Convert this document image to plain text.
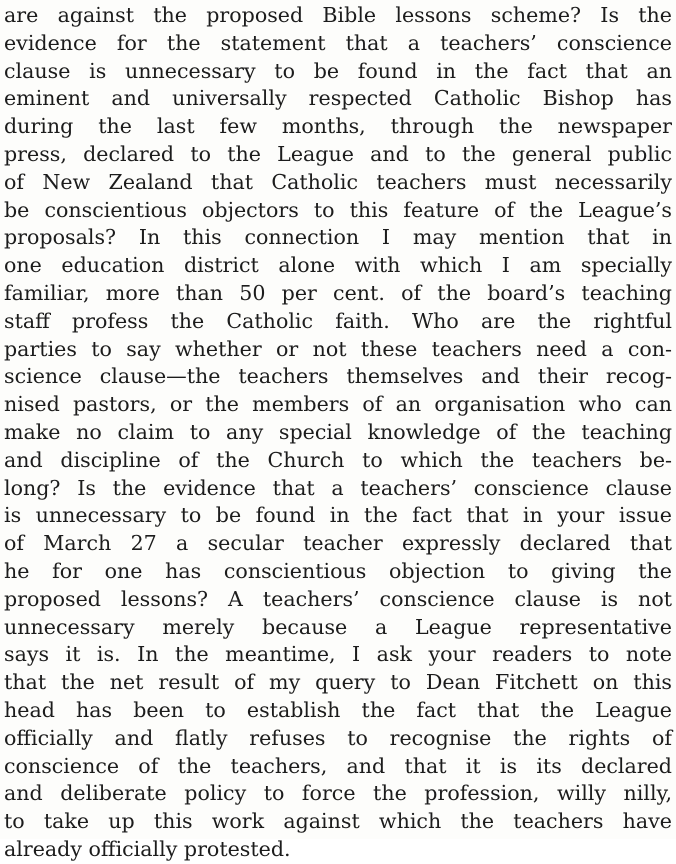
are against the proposed Bible lessons scheme? Is the
evidence for the statement that a teachers’ conscience
clause is unnecessary to be found in the fact that an
eminent and universally respected Catholic Bishop has
during the last few months, through the newspaper
press, declared to the League and to the general public
of New Zealand that Catholic teachers must necessarily
be conscientious objectors to this feature of the League’s
proposals? In this connection I may mention that in
one education district alone with which I am specially
familiar, more than 50 per cent. of the board’s teaching
staff profess the Catholic faith. Who are the rightful
parties to say whether or not these teachers need a con-
science clause—the teachers themselves and their recog-
nised pastors, or the members of an organisation who can
make no claim to any special knowledge of the teaching
and discipline of the Church to which the teachers be-
long? Is the evidence that a teachers’ conscience clause
is unnecessary to be found in the fact that in your issue
of March 27 a secular teacher expressly declared that
he for one has conscientious objection to giving the
proposed lessons? A teachers’ conscience clause is not
unnecessary merely because a League representative
says it is. In the meantime, I ask your readers to note
that the net result of my query to Dean Fitchett on this
head has been to establish the fact that the League
officially and flatly refuses to recognise the rights of
conscience of the teachers, and that it is its declared
and deliberate policy to force the profession, willy nilly,
to take up this work against which the teachers have
already officially protested.
